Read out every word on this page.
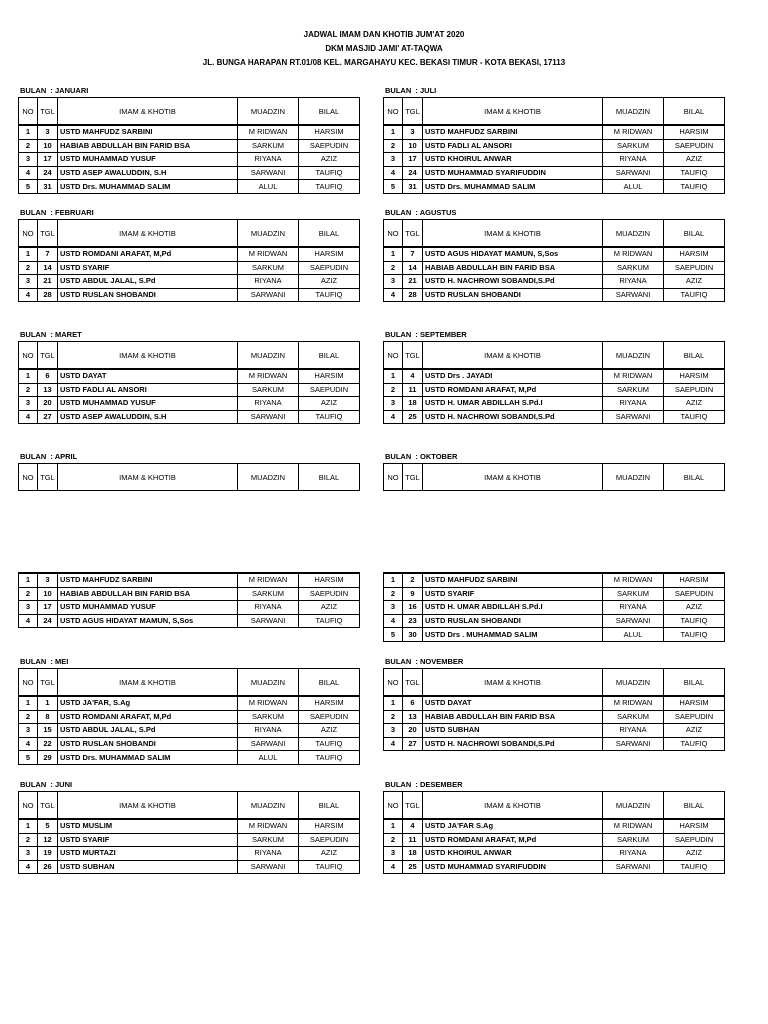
JADWAL IMAM DAN KHOTIB JUM'AT 2020
DKM MASJID JAMI' AT-TAQWA
JL. BUNGA HARAPAN RT.01/08 KEL. MARGAHAYU KEC. BEKASI TIMUR - KOTA BEKASI, 17113
BULAN  : JANUARI
NO	TGL	IMAM & KHOTIB	MUADZIN	BILAL
1	3	USTD MAHFUDZ SARBINI	M RIDWAN	HARSIM
2	10	HABIAB ABDULLAH BIN FARID BSA	SARKUM	SAEPUDIN
3	17	USTD MUHAMMAD YUSUF	RIYANA	AZIZ
4	24	USTD ASEP AWALUDDIN, S.H	SARWANI	TAUFIQ
5	31	USTD Drs. MUHAMMAD SALIM	ALUL	TAUFIQ
BULAN  : FEBRUARI
NO	TGL	IMAM & KHOTIB	MUADZIN	BILAL
1	7	USTD ROMDANI ARAFAT, M,Pd	M RIDWAN	HARSIM
2	14	USTD SYARIF	SARKUM	SAEPUDIN
3	21	USTD ABDUL JALAL, S.Pd	RIYANA	AZIZ
4	28	USTD RUSLAN SHOBANDI	SARWANI	TAUFIQ
BULAN  : MARET
NO	TGL	IMAM & KHOTIB	MUADZIN	BILAL
1	6	USTD DAYAT	M RIDWAN	HARSIM
2	13	USTD FADLI AL ANSORI	SARKUM	SAEPUDIN
3	20	USTD MUHAMMAD YUSUF	RIYANA	AZIZ
4	27	USTD ASEP AWALUDDIN, S.H	SARWANI	TAUFIQ
BULAN  : APRIL
NO	TGL	IMAM & KHOTIB	MUADZIN	BILAL
1	3	USTD MAHFUDZ SARBINI	M RIDWAN	HARSIM
2	10	HABIAB ABDULLAH BIN FARID BSA	SARKUM	SAEPUDIN
3	17	USTD MUHAMMAD YUSUF	RIYANA	AZIZ
4	24	USTD AGUS HIDAYAT MAMUN, S,Sos	SARWANI	TAUFIQ
BULAN  : MEI
NO	TGL	IMAM & KHOTIB	MUADZIN	BILAL
1	1	USTD JA'FAR, S.Ag	M RIDWAN	HARSIM
2	8	USTD ROMDANI ARAFAT, M,Pd	SARKUM	SAEPUDIN
3	15	USTD ABDUL JALAL, S.Pd	RIYANA	AZIZ
4	22	USTD RUSLAN SHOBANDI	SARWANI	TAUFIQ
5	29	USTD Drs. MUHAMMAD SALIM	ALUL	TAUFIQ
BULAN  : JUNI
NO	TGL	IMAM & KHOTIB	MUADZIN	BILAL
1	5	USTD MUSLIM	M RIDWAN	HARSIM
2	12	USTD SYARIF	SARKUM	SAEPUDIN
3	19	USTD MURTAZI	RIYANA	AZIZ
4	26	USTD SUBHAN	SARWANI	TAUFIQ
BULAN  : JULI
NO	TGL	IMAM & KHOTIB	MUADZIN	BILAL
1	3	USTD MAHFUDZ SARBINI	M RIDWAN	HARSIM
2	10	USTD FADLI AL ANSORI	SARKUM	SAEPUDIN
3	17	USTD KHOIRUL ANWAR	RIYANA	AZIZ
4	24	USTD MUHAMMAD SYARIFUDDIN	SARWANI	TAUFIQ
5	31	USTD Drs. MUHAMMAD SALIM	ALUL	TAUFIQ
BULAN  : AGUSTUS
NO	TGL	IMAM & KHOTIB	MUADZIN	BILAL
1	7	USTD AGUS HIDAYAT MAMUN, S,Sos	M RIDWAN	HARSIM
2	14	HABIAB ABDULLAH BIN FARID BSA	SARKUM	SAEPUDIN
3	21	USTD H. NACHROWI SOBANDI,S.Pd	RIYANA	AZIZ
4	28	USTD RUSLAN SHOBANDI	SARWANI	TAUFIQ
BULAN  : SEPTEMBER
NO	TGL	IMAM & KHOTIB	MUADZIN	BILAL
1	4	USTD Drs . JAYADI	M RIDWAN	HARSIM
2	11	USTD ROMDANI ARAFAT, M,Pd	SARKUM	SAEPUDIN
3	18	USTD H. UMAR ABDILLAH S.Pd.I	RIYANA	AZIZ
4	25	USTD H. NACHROWI SOBANDI,S.Pd	SARWANI	TAUFIQ
BULAN  : OKTOBER
NO	TGL	IMAM & KHOTIB	MUADZIN	BILAL
1	2	USTD MAHFUDZ SARBINI	M RIDWAN	HARSIM
2	9	USTD SYARIF	SARKUM	SAEPUDIN
3	16	USTD H. UMAR ABDILLAH S.Pd.I	RIYANA	AZIZ
4	23	USTD RUSLAN SHOBANDI	SARWANI	TAUFIQ
5	30	USTD Drs . MUHAMMAD SALIM	ALUL	TAUFIQ
BULAN  : NOVEMBER
NO	TGL	IMAM & KHOTIB	MUADZIN	BILAL
1	6	USTD DAYAT	M RIDWAN	HARSIM
2	13	HABIAB ABDULLAH BIN FARID BSA	SARKUM	SAEPUDIN
3	20	USTD SUBHAN	RIYANA	AZIZ
4	27	USTD H. NACHROWI SOBANDI,S.Pd	SARWANI	TAUFIQ
BULAN  : DESEMBER
NO	TGL	IMAM & KHOTIB	MUADZIN	BILAL
1	4	USTD JA'FAR S.Ag	M RIDWAN	HARSIM
2	11	USTD ROMDANI ARAFAT, M,Pd	SARKUM	SAEPUDIN
3	18	USTD KHOIRUL ANWAR	RIYANA	AZIZ
4	25	USTD MUHAMMAD SYARIFUDDIN	SARWANI	TAUFIQ
